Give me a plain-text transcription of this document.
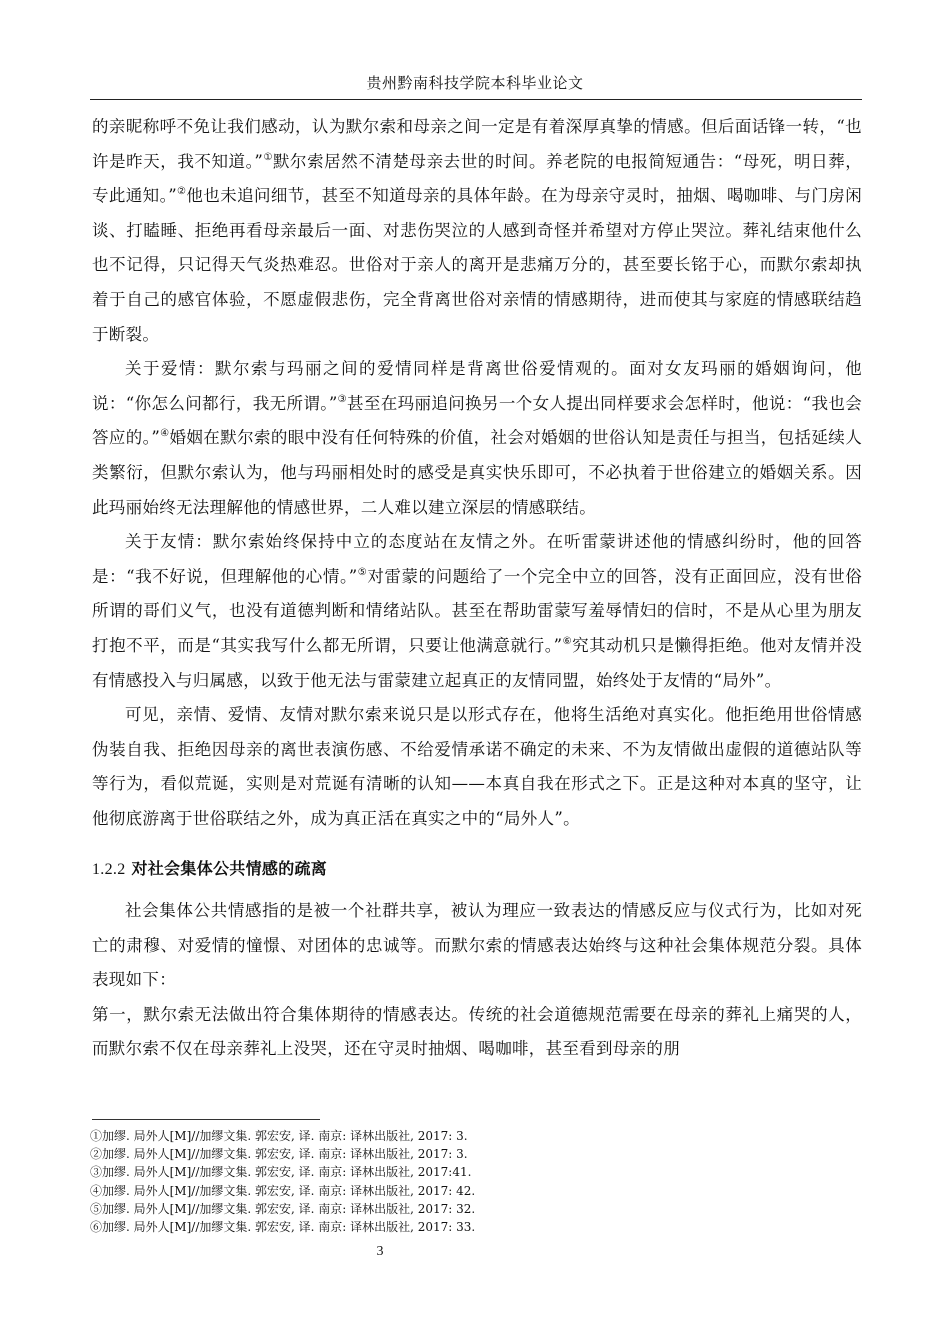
贵州黔南科技学院本科毕业论文

的亲昵称呼不免让我们感动，认为默尔索和母亲之间一定是有着深厚真挚的情感。但后面话锋一转，“也许是昨天，我不知道。”①默尔索居然不清楚母亲去世的时间。养老院的电报简短通告：“母死，明日葬，专此通知。”②他也未追问细节，甚至不知道母亲的具体年龄。在为母亲守灵时，抽烟、喝咖啡、与门房闲谈、打瞌睡、拒绝再看母亲最后一面、对悲伤哭泣的人感到奇怪并希望对方停止哭泣。葬礼结束他什么也不记得，只记得天气炎热难忍。世俗对于亲人的离开是悲痛万分的，甚至要长铭于心，而默尔索却执着于自己的感官体验，不愿虚假悲伤，完全背离世俗对亲情的情感期待，进而使其与家庭的情感联结趋于断裂。

关于爱情：默尔索与玛丽之间的爱情同样是背离世俗爱情观的。面对女友玛丽的婚姻询问，他说：“你怎么问都行，我无所谓。”③甚至在玛丽追问换另一个女人提出同样要求会怎样时，他说：“我也会答应的。”④婚姻在默尔索的眼中没有任何特殊的价值，社会对婚姻的世俗认知是责任与担当，包括延续人类繁衍，但默尔索认为，他与玛丽相处时的感受是真实快乐即可，不必执着于世俗建立的婚姻关系。因此玛丽始终无法理解他的情感世界，二人难以建立深层的情感联结。

关于友情：默尔索始终保持中立的态度站在友情之外。在听雷蒙讲述他的情感纠纷时，他的回答是：“我不好说，但理解他的心情。”⑤对雷蒙的问题给了一个完全中立的回答，没有正面回应，没有世俗所谓的哥们义气，也没有道德判断和情绪站队。甚至在帮助雷蒙写羞辱情妇的信时，不是从心里为朋友打抱不平，而是“其实我写什么都无所谓，只要让他满意就行。”⑥究其动机只是懒得拒绝。他对友情并没有情感投入与归属感，以致于他无法与雷蒙建立起真正的友情同盟，始终处于友情的“局外”。

可见，亲情、爱情、友情对默尔索来说只是以形式存在，他将生活绝对真实化。他拒绝用世俗情感伪装自我、拒绝因母亲的离世表演伤感、不给爱情承诺不确定的未来、不为友情做出虚假的道德站队等等行为，看似荒诞，实则是对荒诞有清晰的认知——本真自我在形式之下。正是这种对本真的坚守，让他彻底游离于世俗联结之外，成为真正活在真实之中的“局外人”。

1.2.2 对社会集体公共情感的疏离

社会集体公共情感指的是被一个社群共享，被认为理应一致表达的情感反应与仪式行为，比如对死亡的肃穆、对爱情的憧憬、对团体的忠诚等。而默尔索的情感表达始终与这种社会集体规范分裂。具体表现如下：

第一，默尔索无法做出符合集体期待的情感表达。传统的社会道德规范需要在母亲的葬礼上痛哭的人，而默尔索不仅在母亲葬礼上没哭，还在守灵时抽烟、喝咖啡，甚至看到母亲的朋

①加缪. 局外人[M]//加缪文集. 郭宏安, 译. 南京: 译林出版社, 2017: 3.
②加缪. 局外人[M]//加缪文集. 郭宏安, 译. 南京: 译林出版社, 2017: 3.
③加缪. 局外人[M]//加缪文集. 郭宏安, 译. 南京: 译林出版社, 2017:41.
④加缪. 局外人[M]//加缪文集. 郭宏安, 译. 南京: 译林出版社, 2017: 42.
⑤加缪. 局外人[M]//加缪文集. 郭宏安, 译. 南京: 译林出版社, 2017: 32.
⑥加缪. 局外人[M]//加缪文集. 郭宏安, 译. 南京: 译林出版社, 2017: 33.
3
